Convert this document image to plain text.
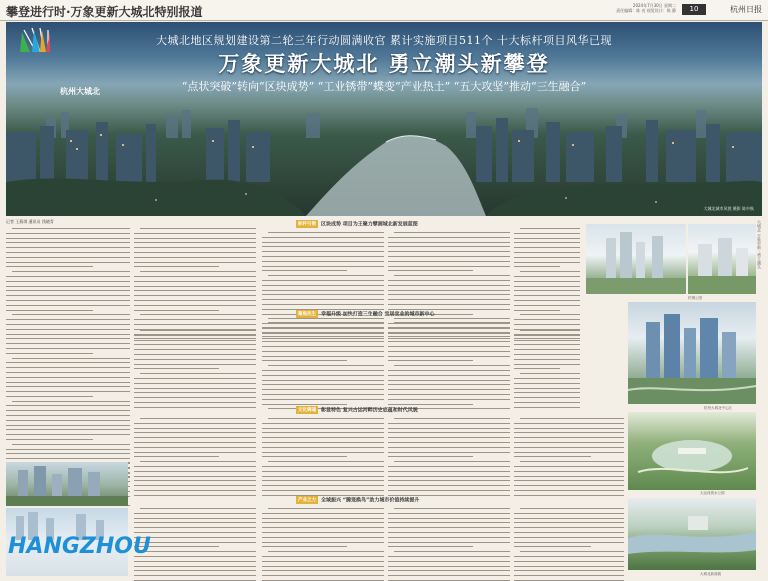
攀登进行时·万象更新大城北特别报道	2024年7月30日 星期二
责任编辑：陈 亮 视觉设计：陈 静	10	杭州日报
杭州大城北
大城北地区规划建设第二轮三年行动圆满收官 累计实施项目511个 十大标杆项目风华已现
万象更新大城北 勇立潮头新攀登
“点状突破”转向“区块成势” “工业锈带”蝶变“产业热土” “五大攻坚”推动“三生融合”
大城北城市风貌 摄影 陈中秋
记者 王燕琪 通讯员 钱晓青
标杆引领 区块成势 项目为王聚力擘画城北新发展蓝图
聚焦民生 幸福升级 加快打造三生融合 宜居宜业的城市新中心
文化铸魂 彰显特色 复兴古运河畔历史底蕴和时代风貌
产业之力 全域振兴 “腾笼换鸟”助力城市价值持续提升
杭钢公园
杭州大城北中心区
大运河滨水公园
大城北新面貌
HANGZHOU
大城北 万象更新 · 勇立潮头
